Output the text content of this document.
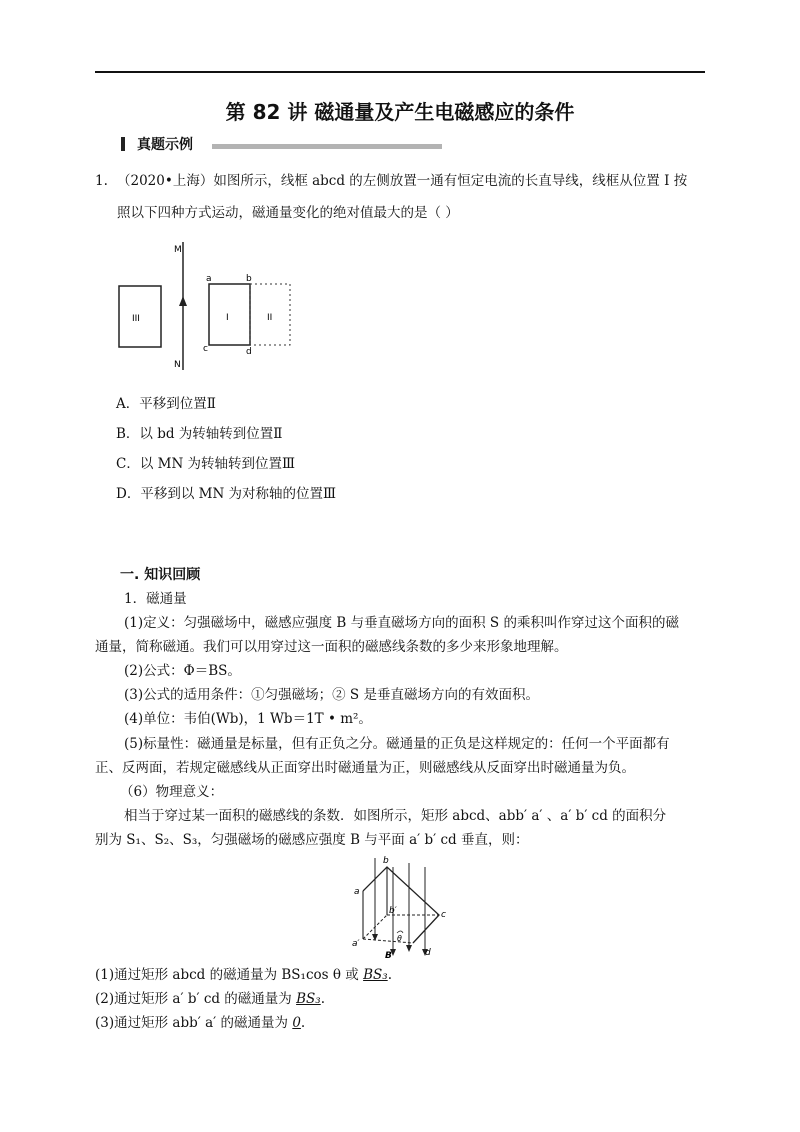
第 82 讲 磁通量及产生电磁感应的条件
真题示例
1. （2020•上海）如图所示，线框 abcd 的左侧放置一通有恒定电流的长直导线，线框从位置 I 按
照以下四种方式运动，磁通量变化的绝对值最大的是（ ）
III
M
N
I
a	b
c	d
II
A．平移到位置Ⅱ
B．以 bd 为转轴转到位置Ⅱ
C．以 MN 为转轴转到位置Ⅲ
D．平移到以 MN 为对称轴的位置Ⅲ
一. 知识回顾
1．磁通量
(1)定义：匀强磁场中，磁感应强度 B 与垂直磁场方向的面积 S 的乘积叫作穿过这个面积的磁
通量，简称磁通。我们可以用穿过这一面积的磁感线条数的多少来形象地理解。
(2)公式：Φ＝BS。
(3)公式的适用条件：①匀强磁场；② S 是垂直磁场方向的有效面积。
(4)单位：韦伯(Wb)，1 Wb＝1T • m²。
(5)标量性：磁通量是标量，但有正负之分。磁通量的正负是这样规定的：任何一个平面都有
正、反两面，若规定磁感线从正面穿出时磁通量为正，则磁感线从反面穿出时磁通量为负。
（6）物理意义：
相当于穿过某一面积的磁感线的条数．如图所示，矩形 abcd、abb′ a′ 、a′ b′ cd 的面积分
别为 S₁、S₂、S₃，匀强磁场的磁感应强度 B 与平面 a′ b′ cd 垂直，则：
a
b
c
d
a′
b′
θ
B
(1)通过矩形 abcd 的磁通量为 BS₁cos θ 或 BS₃.
(2)通过矩形 a′ b′ cd 的磁通量为 BS₃.
(3)通过矩形 abb′ a′ 的磁通量为 0.
